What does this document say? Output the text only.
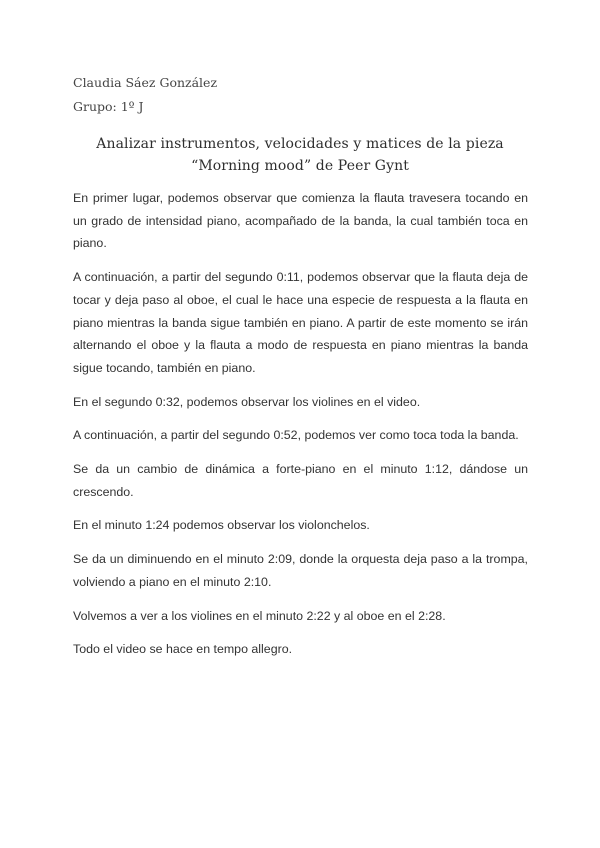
Claudia Sáez González
Grupo: 1º J
Analizar instrumentos, velocidades y matices de la pieza
“Morning mood” de Peer Gynt

En primer lugar, podemos observar que comienza la flauta travesera tocando en un grado de intensidad piano, acompañado de la banda, la cual también toca en piano.

A continuación, a partir del segundo 0:11, podemos observar que la flauta deja de tocar y deja paso al oboe, el cual le hace una especie de respuesta a la flauta en piano mientras la banda sigue también en piano. A partir de este momento se irán alternando el oboe y la flauta a modo de respuesta en piano mientras la banda sigue tocando, también en piano.

En el segundo 0:32, podemos observar los violines en el video.

A continuación, a partir del segundo 0:52, podemos ver como toca toda la banda.

Se da un cambio de dinámica a forte-piano en el minuto 1:12, dándose un crescendo.

En el minuto 1:24 podemos observar los violonchelos.

Se da un diminuendo en el minuto 2:09, donde la orquesta deja paso a la trompa, volviendo a piano en el minuto 2:10.

Volvemos a ver a los violines en el minuto 2:22 y al oboe en el 2:28.

Todo el video se hace en tempo allegro.
